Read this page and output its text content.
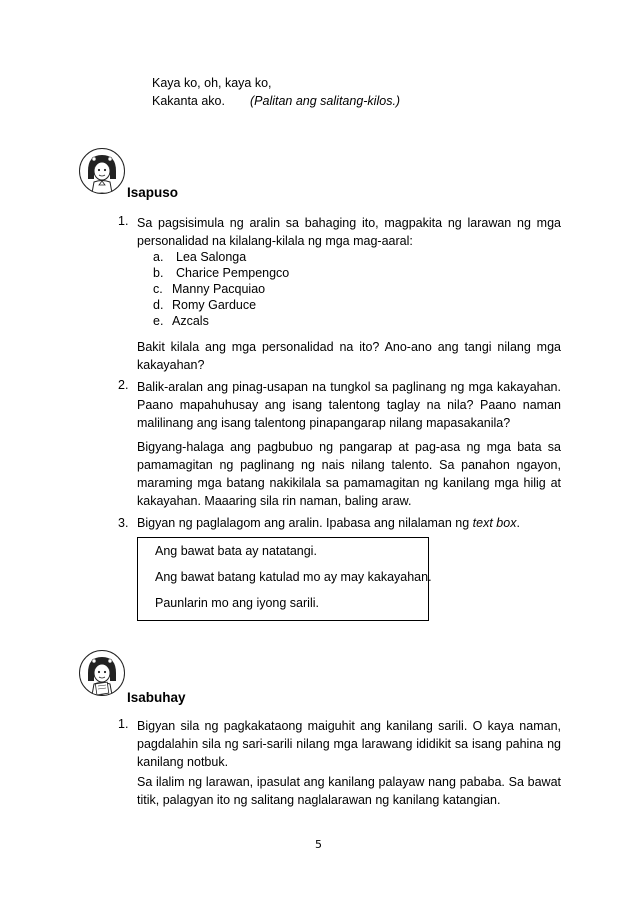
Kaya ko, oh, kaya ko,
Kakanta ako. (Palitan ang salitang-kilos.)
Isapuso
1. Sa pagsisimula ng aralin sa bahaging ito, magpakita ng larawan ng mga personalidad na kilalang-kilala ng mga mag-aaral:
a. Lea Salonga
b. Charice Pempengco
c. Manny Pacquiao
d. Romy Garduce
e. Azcals
Bakit kilala ang mga personalidad na ito? Ano-ano ang tangi nilang mga kakayahan?
2. Balik-aralan ang pinag-usapan na tungkol sa paglinang ng mga kakayahan. Paano mapahuhusay ang isang talentong taglay na nila? Paano naman malilinang ang isang talentong pinapangarap nilang mapasakanila?
Bigyang-halaga ang pagbubuo ng pangarap at pag-asa ng mga bata sa pamamagitan ng paglinang ng nais nilang talento. Sa panahon ngayon, maraming mga batang nakikilala sa pamamagitan ng kanilang mga hilig at kakayahan. Maaaring sila rin naman, baling araw.
3. Bigyan ng paglalagom ang aralin. Ipabasa ang nilalaman ng text box.
Ang bawat bata ay natatangi.
Ang bawat batang katulad mo ay may kakayahan.
Paunlarin mo ang iyong sarili.
Isabuhay
1. Bigyan sila ng pagkakataong maiguhit ang kanilang sarili. O kaya naman, pagdalahin sila ng sari-sarili nilang mga larawang ididikit sa isang pahina ng kanilang notbuk.
Sa ilalim ng larawan, ipasulat ang kanilang palayaw nang pababa. Sa bawat titik, palagyan ito ng salitang naglalarawan ng kanilang katangian.
5
